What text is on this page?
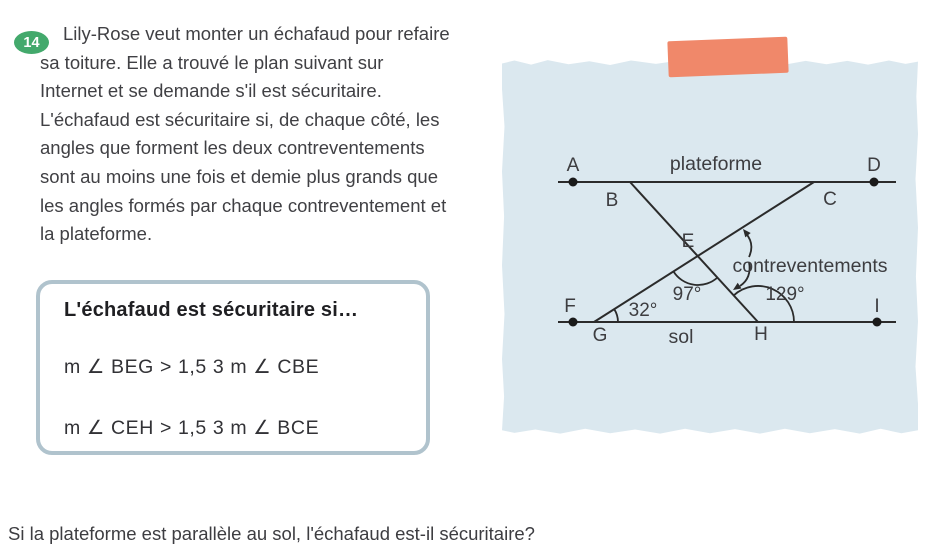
14	Lily-Rose veut monter un échafaud pour refaire
sa toiture. Elle a trouvé le plan suivant sur
Internet et se demande s'il est sécuritaire.
L'échafaud est sécuritaire si, de chaque côté, les
angles que forment les deux contreventements
sont au moins une fois et demie plus grands que
les angles formés par chaque contreventement et
la plateforme.
L'échafaud est sécuritaire si…
m ∠ BEG > 1,5 3 m ∠ CBE
m ∠ CEH > 1,5 3 m ∠ BCE
A	D
B	C
E
F	I
G	H
plateforme
sol
contreventements
97°
32°
129°
Si la plateforme est parallèle au sol, l'échafaud est-il sécuritaire?
